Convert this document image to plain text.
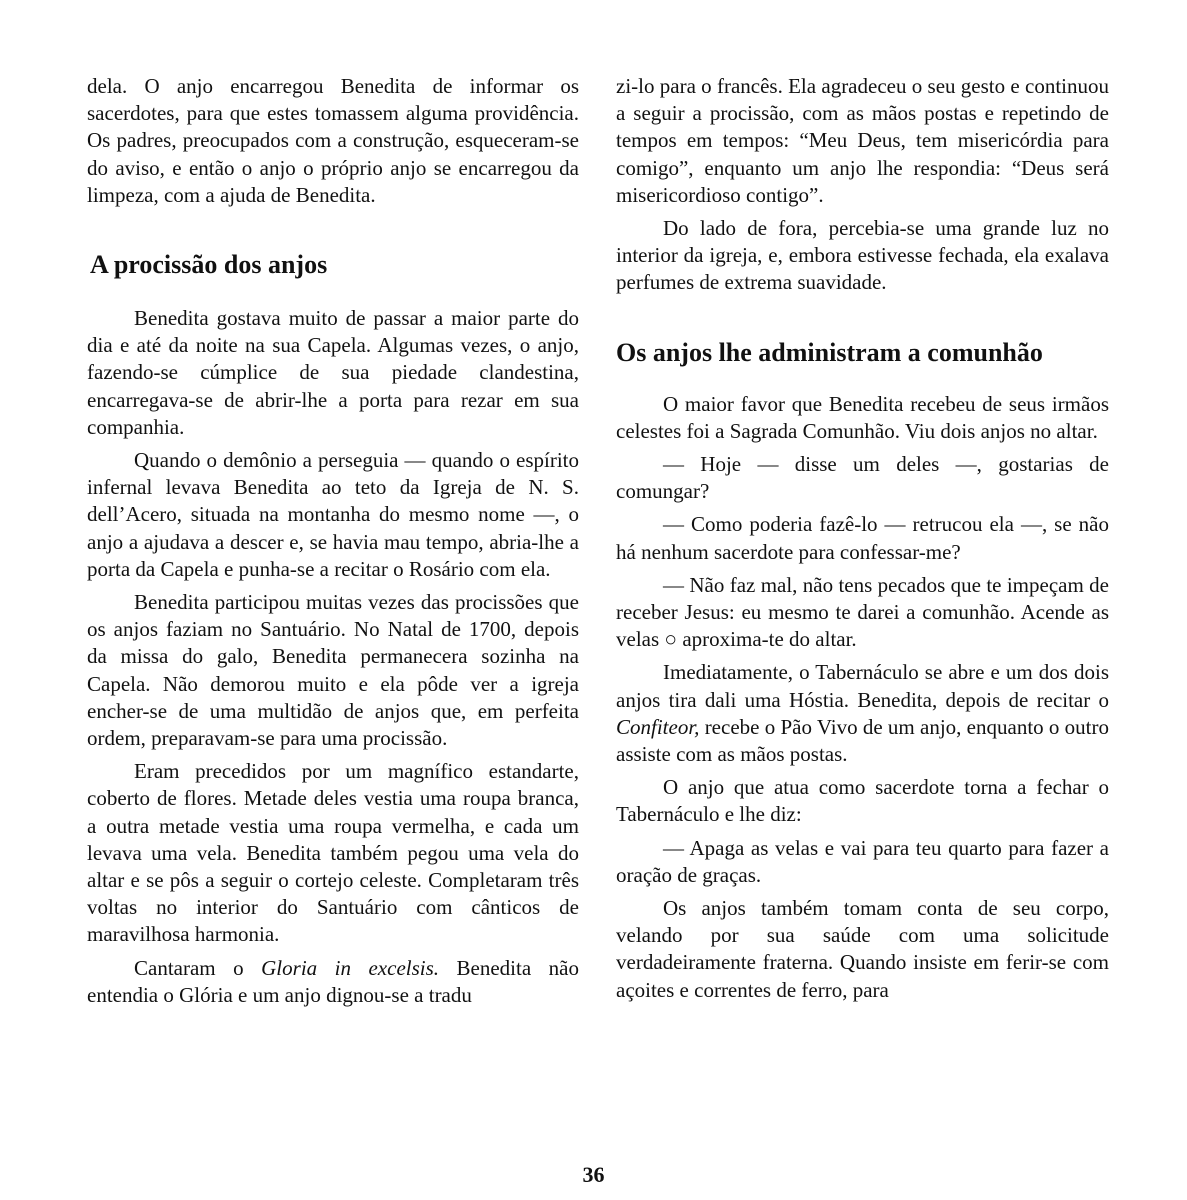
dela. O anjo encarregou Benedita de informar os sacerdotes, para que estes tomassem alguma providência. Os padres, preocupados com a construção, esqueceram-se do aviso, e então o anjo o próprio anjo se encarregou da limpeza, com a ajuda de Benedita.

A procissão dos anjos

Benedita gostava muito de passar a maior parte do dia e até da noite na sua Capela. Algumas vezes, o anjo, fazendo-se cúmplice de sua piedade clandestina, encarregava-se de abrir-lhe a porta para rezar em sua companhia.

Quando o demônio a perseguia — quando o espírito infernal levava Benedita ao teto da Igreja de N. S. dell’Acero, situada na montanha do mesmo nome —, o anjo a ajudava a descer e, se havia mau tempo, abria-lhe a porta da Capela e punha-se a recitar o Rosário com ela.

Benedita participou muitas vezes das procissões que os anjos faziam no Santuário. No Natal de 1700, depois da missa do galo, Benedita permanecera sozinha na Capela. Não demorou muito e ela pôde ver a igreja encher-se de uma multidão de anjos que, em perfeita ordem, preparavam-se para uma procissão.

Eram precedidos por um magnífico estandarte, coberto de flores. Metade deles vestia uma roupa branca, a outra metade vestia uma roupa vermelha, e cada um levava uma vela. Benedita também pegou uma vela do altar e se pôs a seguir o cortejo celeste. Completaram três voltas no interior do Santuário com cânticos de maravilhosa harmonia.

Cantaram o Gloria in excelsis. Benedita não entendia o Glória e um anjo dignou-se a tradu

zi-lo para o francês. Ela agradeceu o seu gesto e continuou a seguir a procissão, com as mãos postas e repetindo de tempos em tempos: “Meu Deus, tem misericórdia para comigo”, enquanto um anjo lhe respondia: “Deus será misericordioso contigo”.

Do lado de fora, percebia-se uma grande luz no interior da igreja, e, embora estivesse fechada, ela exalava perfumes de extrema suavidade.

Os anjos lhe administram a comunhão

O maior favor que Benedita recebeu de seus irmãos celestes foi a Sagrada Comunhão. Viu dois anjos no altar.

— Hoje — disse um deles —, gostarias de comungar?

— Como poderia fazê-lo — retrucou ela —, se não há nenhum sacerdote para confessar-me?

— Não faz mal, não tens pecados que te impeçam de receber Jesus: eu mesmo te darei a comunhão. Acende as velas ○ aproxima-te do altar.

Imediatamente, o Tabernáculo se abre e um dos dois anjos tira dali uma Hóstia. Benedita, depois de recitar o Confiteor, recebe o Pão Vivo de um anjo, enquanto o outro assiste com as mãos postas.

O anjo que atua como sacerdote torna a fechar o Tabernáculo e lhe diz:

— Apaga as velas e vai para teu quarto para fazer a oração de graças.

Os anjos também tomam conta de seu corpo, velando por sua saúde com uma solicitude verdadeiramente fraterna. Quando insiste em ferir-se com açoites e correntes de ferro, para

36
